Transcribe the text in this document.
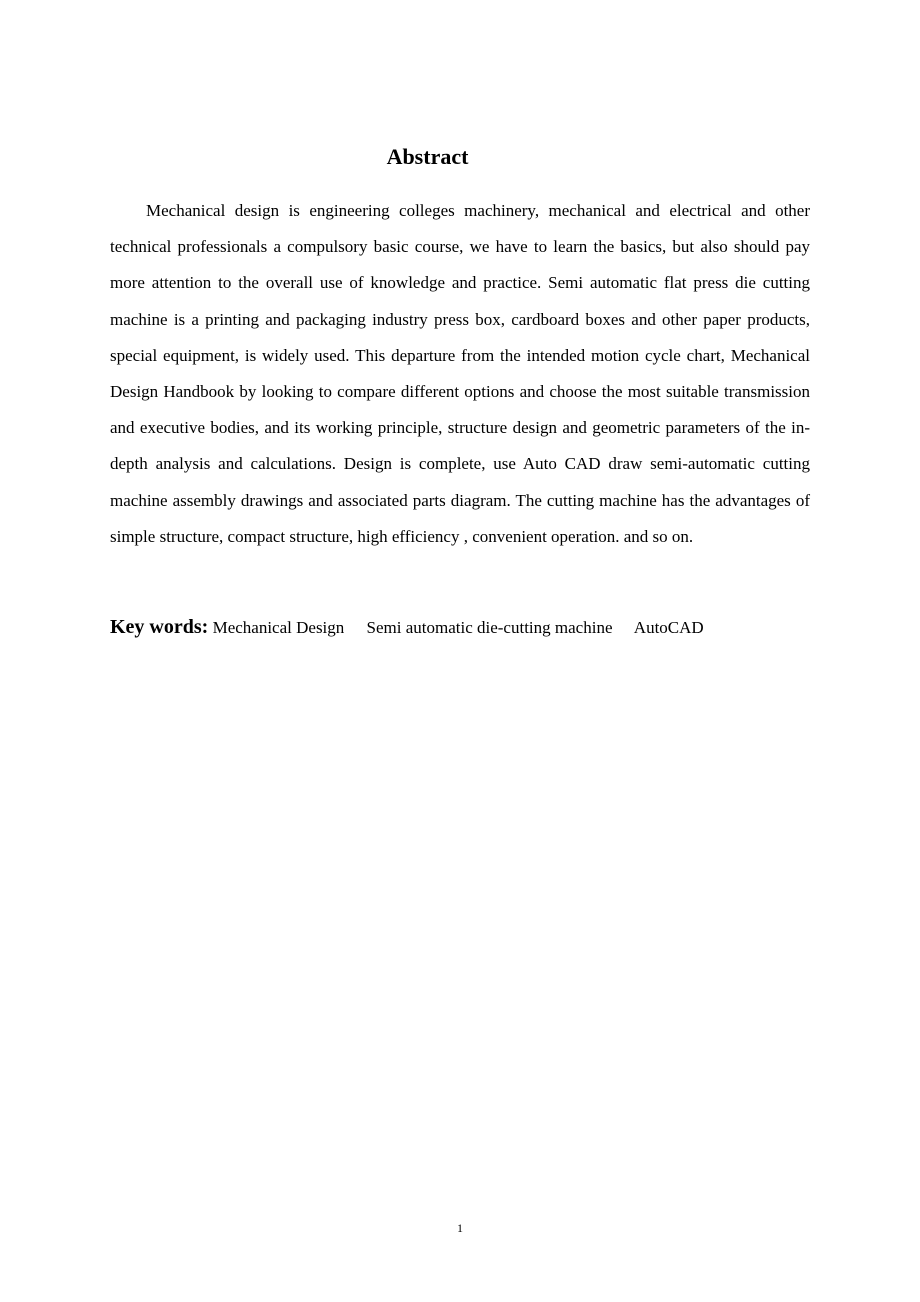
Abstract

Mechanical design is engineering colleges machinery, mechanical and electrical and other technical professionals a compulsory basic course, we have to learn the basics, but also should pay more attention to the overall use of knowledge and practice. Semi automatic flat press die cutting machine is a printing and packaging industry press box, cardboard boxes and other paper products, special equipment, is widely used. This departure from the intended motion cycle chart, Mechanical Design Handbook by looking to compare different options and choose the most suitable transmission and executive bodies, and its working principle, structure design and geometric parameters of the in-depth analysis and calculations. Design is complete, use Auto CAD draw semi-automatic cutting machine assembly drawings and associated parts diagram. The cutting machine has the advantages of simple structure, compact structure, high efficiency , convenient operation. and so on.

Key words: Mechanical Design Semi automatic die-cutting machine AutoCAD

1
